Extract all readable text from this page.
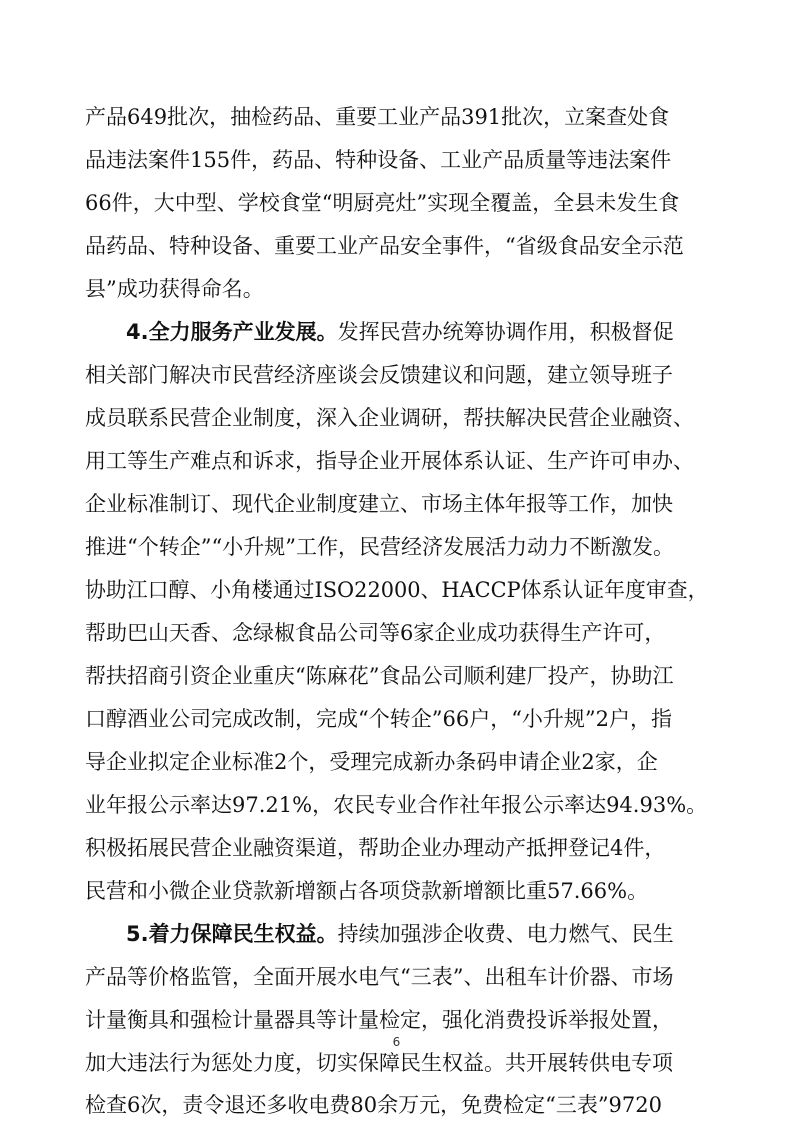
产品649批次，抽检药品、重要工业产品391批次，立案查处食
品违法案件155件，药品、特种设备、工业产品质量等违法案件
66件，大中型、学校食堂“明厨亮灶”实现全覆盖，全县未发生食
品药品、特种设备、重要工业产品安全事件，“省级食品安全示范
县”成功获得命名。
4.全力服务产业发展。发挥民营办统筹协调作用，积极督促
相关部门解决市民营经济座谈会反馈建议和问题，建立领导班子
成员联系民营企业制度，深入企业调研，帮扶解决民营企业融资、
用工等生产难点和诉求，指导企业开展体系认证、生产许可申办、
企业标准制订、现代企业制度建立、市场主体年报等工作，加快
推进“个转企”“小升规”工作，民营经济发展活力动力不断激发。
协助江口醇、小角楼通过ISO22000、HACCP体系认证年度审查，
帮助巴山天香、念绿椒食品公司等6家企业成功获得生产许可，
帮扶招商引资企业重庆“陈麻花”食品公司顺利建厂投产，协助江
口醇酒业公司完成改制，完成“个转企”66户，“小升规”2户，指
导企业拟定企业标准2个，受理完成新办条码申请企业2家，企
业年报公示率达97.21%，农民专业合作社年报公示率达94.93%。
积极拓展民营企业融资渠道，帮助企业办理动产抵押登记4件，
民营和小微企业贷款新增额占各项贷款新增额比重57.66%。
5.着力保障民生权益。持续加强涉企收费、电力燃气、民生
产品等价格监管，全面开展水电气“三表”、出租车计价器、市场
计量衡具和强检计量器具等计量检定，强化消费投诉举报处置，
加大违法行为惩处力度，切实保障民生权益。共开展转供电专项
检查6次，责令退还多收电费80余万元，免费检定“三表”9720
6
